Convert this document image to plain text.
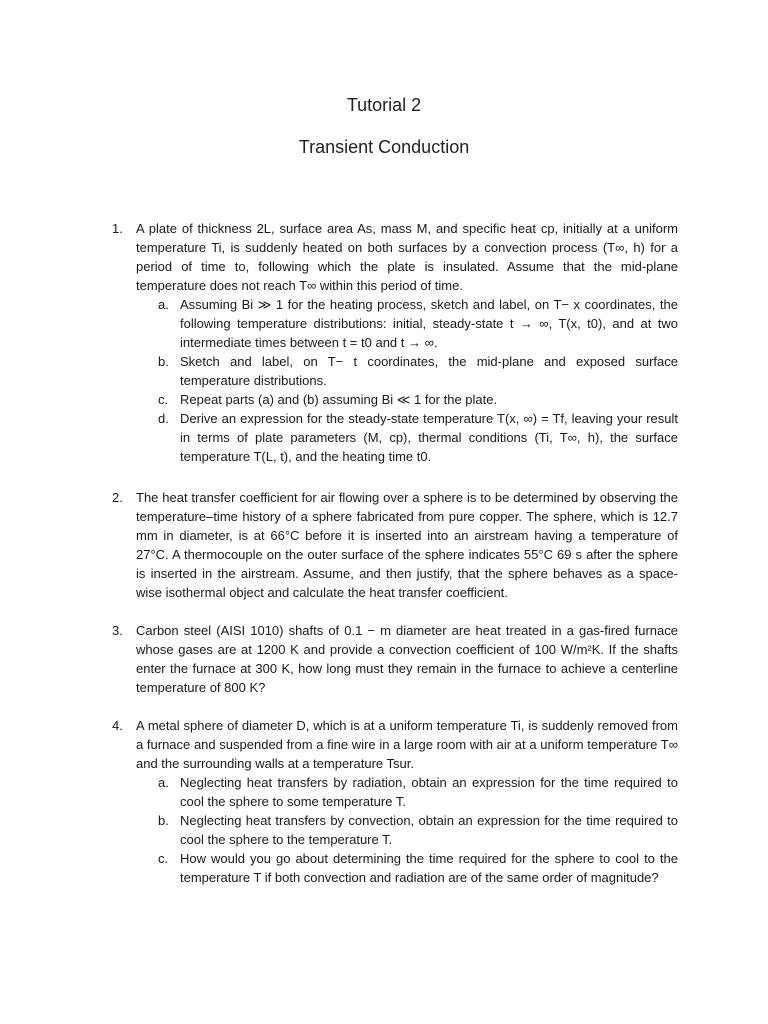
Tutorial 2
Transient Conduction
1. A plate of thickness 2L, surface area As, mass M, and specific heat cp, initially at a uniform temperature Ti, is suddenly heated on both surfaces by a convection process (T∞, h) for a period of time to, following which the plate is insulated. Assume that the mid-plane temperature does not reach T∞ within this period of time.

a. Assuming Bi ≫ 1 for the heating process, sketch and label, on T− x coordinates, the following temperature distributions: initial, steady-state t → ∞, T(x, t0), and at two intermediate times between t = t0 and t → ∞.

b. Sketch and label, on T− t coordinates, the mid-plane and exposed surface temperature distributions.

c. Repeat parts (a) and (b) assuming Bi ≪ 1 for the plate.

d. Derive an expression for the steady-state temperature T(x, ∞) = Tf, leaving your result in terms of plate parameters (M, cp), thermal conditions (Ti, T∞, h), the surface temperature T(L, t), and the heating time t0.

2. The heat transfer coefficient for air flowing over a sphere is to be determined by observing the temperature–time history of a sphere fabricated from pure copper. The sphere, which is 12.7 mm in diameter, is at 66°C before it is inserted into an airstream having a temperature of 27°C. A thermocouple on the outer surface of the sphere indicates 55°C 69 s after the sphere is inserted in the airstream. Assume, and then justify, that the sphere behaves as a space-wise isothermal object and calculate the heat transfer coefficient.

3. Carbon steel (AISI 1010) shafts of 0.1 − m diameter are heat treated in a gas-fired furnace whose gases are at 1200 K and provide a convection coefficient of 100 W/m²K. If the shafts enter the furnace at 300 K, how long must they remain in the furnace to achieve a centerline temperature of 800 K?

4. A metal sphere of diameter D, which is at a uniform temperature Ti, is suddenly removed from a furnace and suspended from a fine wire in a large room with air at a uniform temperature T∞ and the surrounding walls at a temperature Tsur.

a. Neglecting heat transfers by radiation, obtain an expression for the time required to cool the sphere to some temperature T.

b. Neglecting heat transfers by convection, obtain an expression for the time required to cool the sphere to the temperature T.

c. How would you go about determining the time required for the sphere to cool to the temperature T if both convection and radiation are of the same order of magnitude?
